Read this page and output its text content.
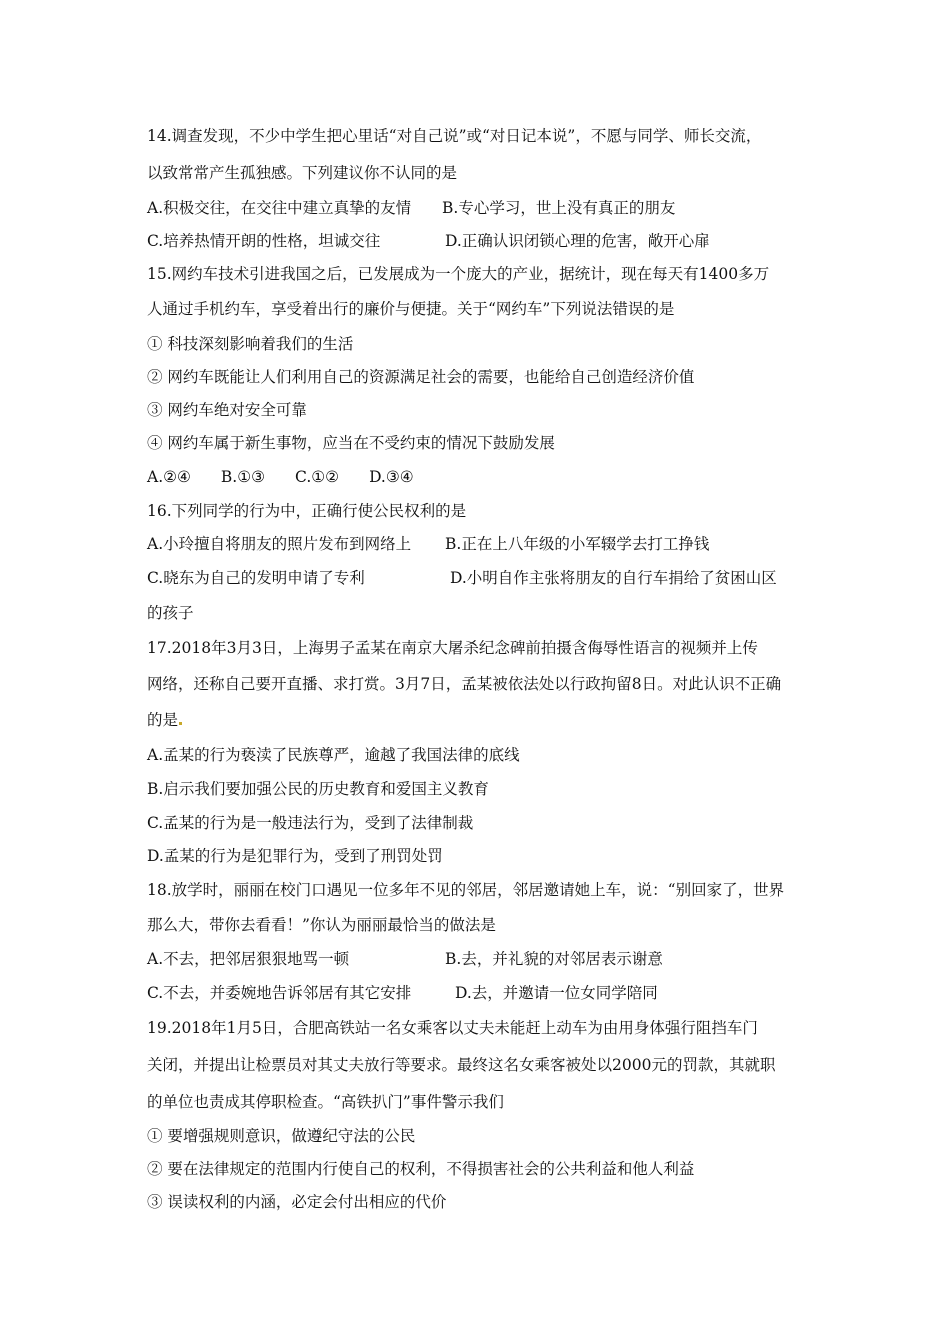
14.调查发现，不少中学生把心里话“对自己说”或“对日记本说”，不愿与同学、师长交流，
以致常常产生孤独感。下列建议你不认同的是
A.积极交往，在交往中建立真挚的友情 B.专心学习，世上没有真正的朋友
C.培养热情开朗的性格，坦诚交往	D.正确认识闭锁心理的危害，敞开心扉
15.网约车技术引进我国之后，已发展成为一个庞大的产业，据统计，现在每天有1400多万
人通过手机约车，享受着出行的廉价与便捷。关于“网约车”下列说法错误的是
① 科技深刻影响着我们的生活
② 网约车既能让人们利用自己的资源满足社会的需要，也能给自己创造经济价值
③ 网约车绝对安全可靠
④ 网约车属于新生事物，应当在不受约束的情况下鼓励发展
A.②④ B.①③ C.①② D.③④
16.下列同学的行为中，正确行使公民权利的是
A.小玲擅自将朋友的照片发布到网络上 B.正在上八年级的小军辍学去打工挣钱
C.晓东为自己的发明申请了专利	D.小明自作主张将朋友的自行车捐给了贫困山区
的孩子
17.2018年3月3日，上海男子孟某在南京大屠杀纪念碑前拍摄含侮辱性语言的视频并上传
网络，还称自己要开直播、求打赏。3月7日，孟某被依法处以行政拘留8日。对此认识不正确
的是
A.孟某的行为亵渎了民族尊严，逾越了我国法律的底线
B.启示我们要加强公民的历史教育和爱国主义教育
C.孟某的行为是一般违法行为，受到了法律制裁
D.孟某的行为是犯罪行为，受到了刑罚处罚
18.放学时，丽丽在校门口遇见一位多年不见的邻居，邻居邀请她上车，说：“别回家了，世界
那么大，带你去看看！”你认为丽丽最恰当的做法是
A.不去，把邻居狠狠地骂一顿	B.去，并礼貌的对邻居表示谢意
C.不去，并委婉地告诉邻居有其它安排	D.去，并邀请一位女同学陪同
19.2018年1月5日，合肥高铁站一名女乘客以丈夫未能赶上动车为由用身体强行阻挡车门
关闭，并提出让检票员对其丈夫放行等要求。最终这名女乘客被处以2000元的罚款，其就职
的单位也责成其停职检查。“高铁扒门”事件警示我们
① 要增强规则意识，做遵纪守法的公民
② 要在法律规定的范围内行使自己的权利，不得损害社会的公共利益和他人利益
③ 误读权利的内涵，必定会付出相应的代价
